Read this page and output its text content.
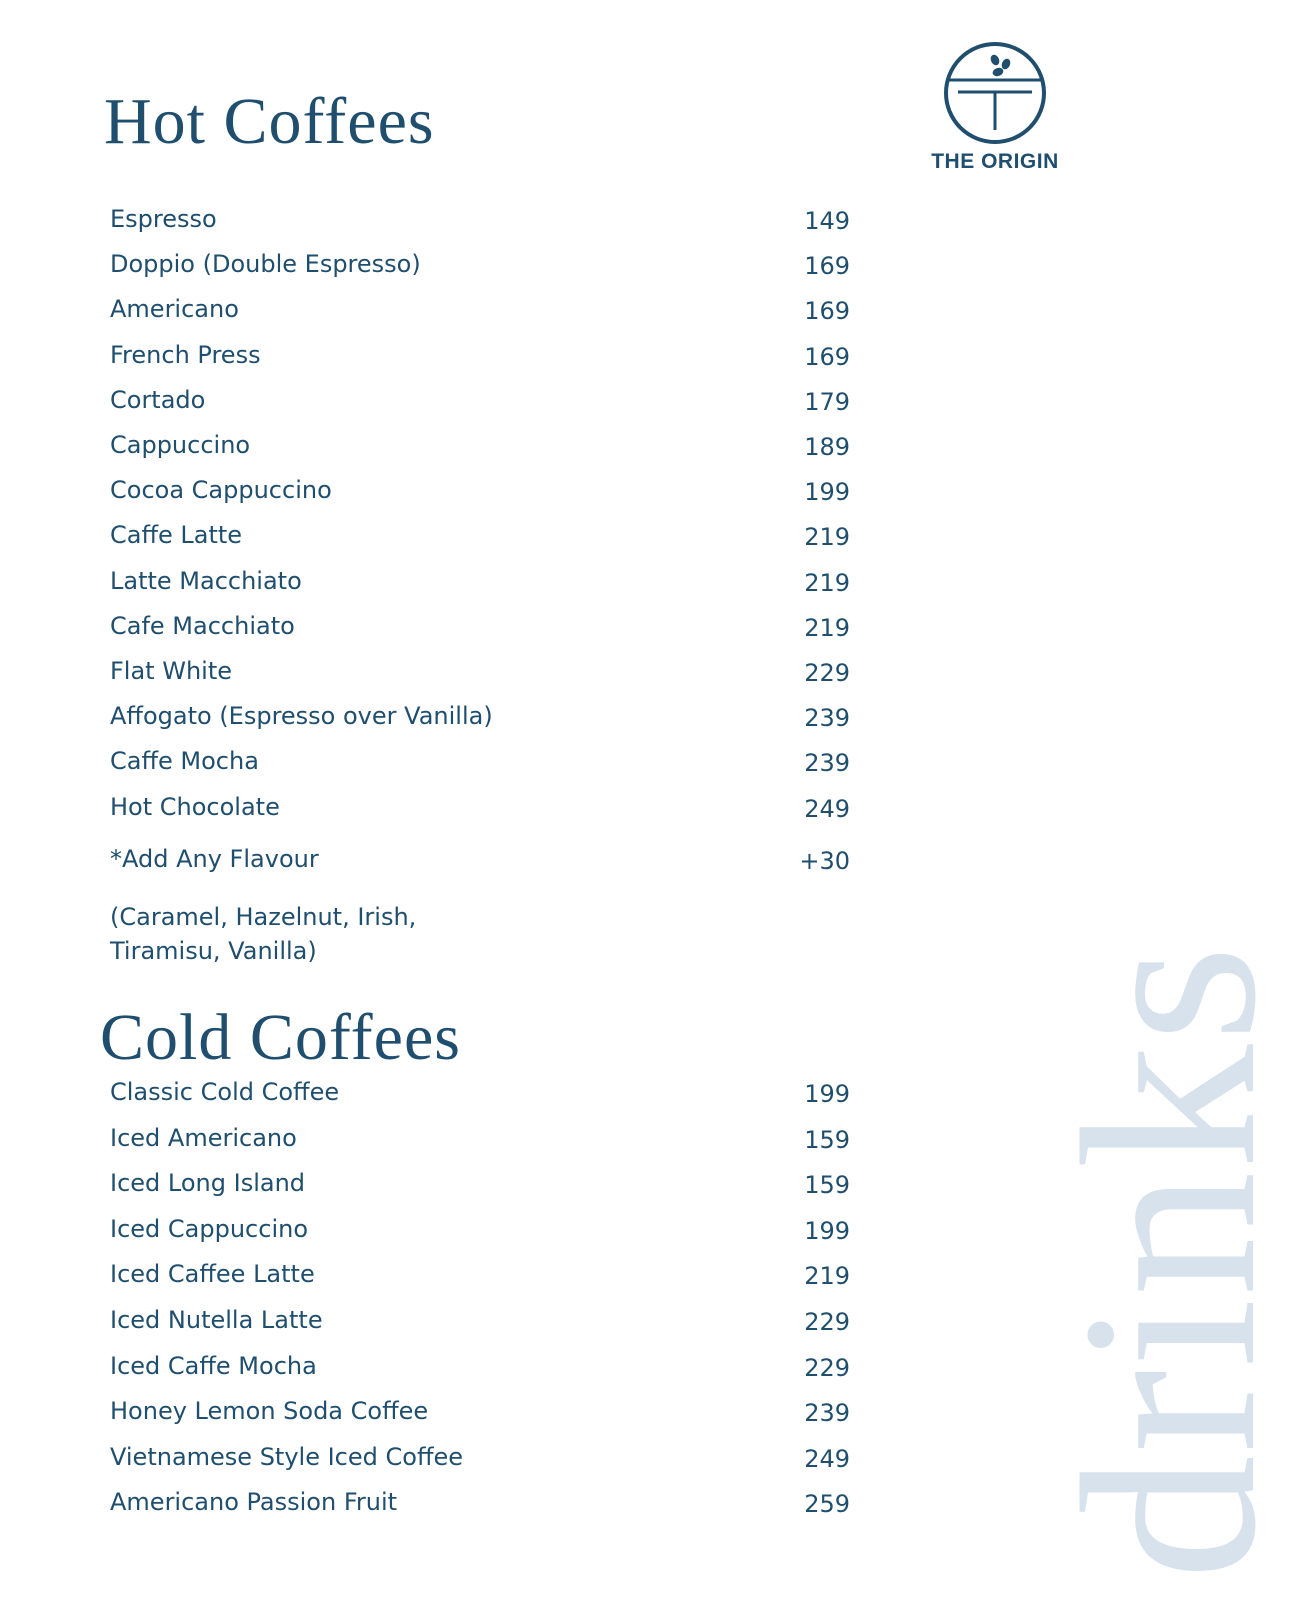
drinks
THE ORIGIN
Hot Coffees
Espresso	149
Doppio (Double Espresso)	169
Americano	169
French Press	169
Cortado	179
Cappuccino	189
Cocoa Cappuccino	199
Caffe Latte	219
Latte Macchiato	219
Cafe Macchiato	219
Flat White	229
Affogato (Espresso over Vanilla)	239
Caffe Mocha	239
Hot Chocolate	249
*Add Any Flavour	+30
(Caramel, Hazelnut, Irish, Tiramisu, Vanilla)
Cold Coffees
Classic Cold Coffee	199
Iced Americano	159
Iced Long Island	159
Iced Cappuccino	199
Iced Caffee Latte	219
Iced Nutella Latte	229
Iced Caffe Mocha	229
Honey Lemon Soda Coffee	239
Vietnamese Style Iced Coffee	249
Americano Passion Fruit	259
